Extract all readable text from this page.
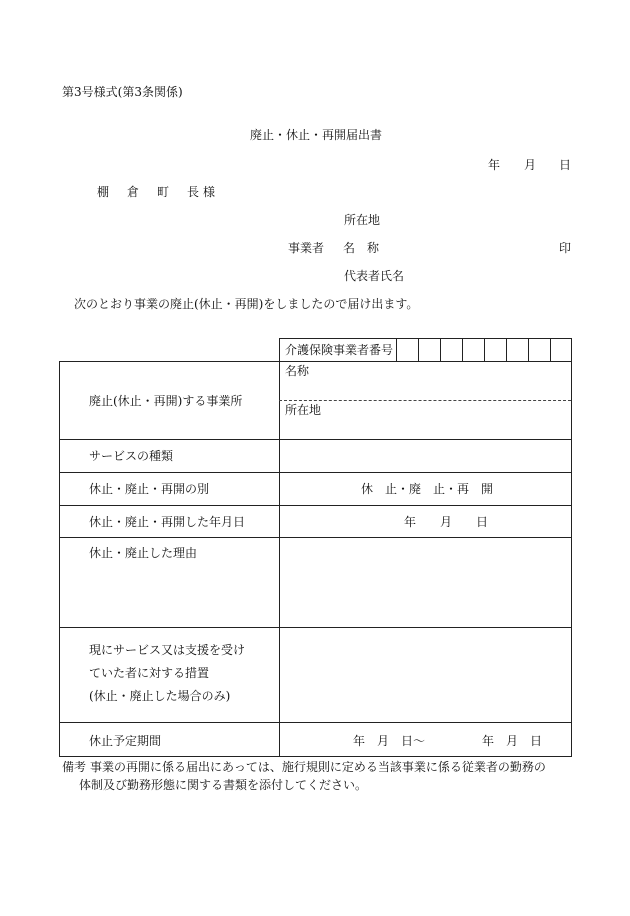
第3号様式(第3条関係)
廃止・休止・再開届出書
年 月 日
棚　倉　町　長 様
所在地
事業者 名　称	印
代表者氏名
次のとおり事業の廃止(休止・再開)をしましたので届け出ます。
介護保険事業者番号
廃止(休止・再開)する事業所
名称
所在地
サービスの種類
休止・廃止・再開の別	休　止・廃　止・再　開
休止・廃止・再開した年月日	年 月 日
休止・廃止した理由
現にサービス又は支援を受け
ていた者に対する措置
(休止・廃止した場合のみ)
休止予定期間	年　月　日～	年　月　日
備考 事業の再開に係る届出にあっては、施行規則に定める当該事業に係る従業者の勤務の
体制及び勤務形態に関する書類を添付してください。
